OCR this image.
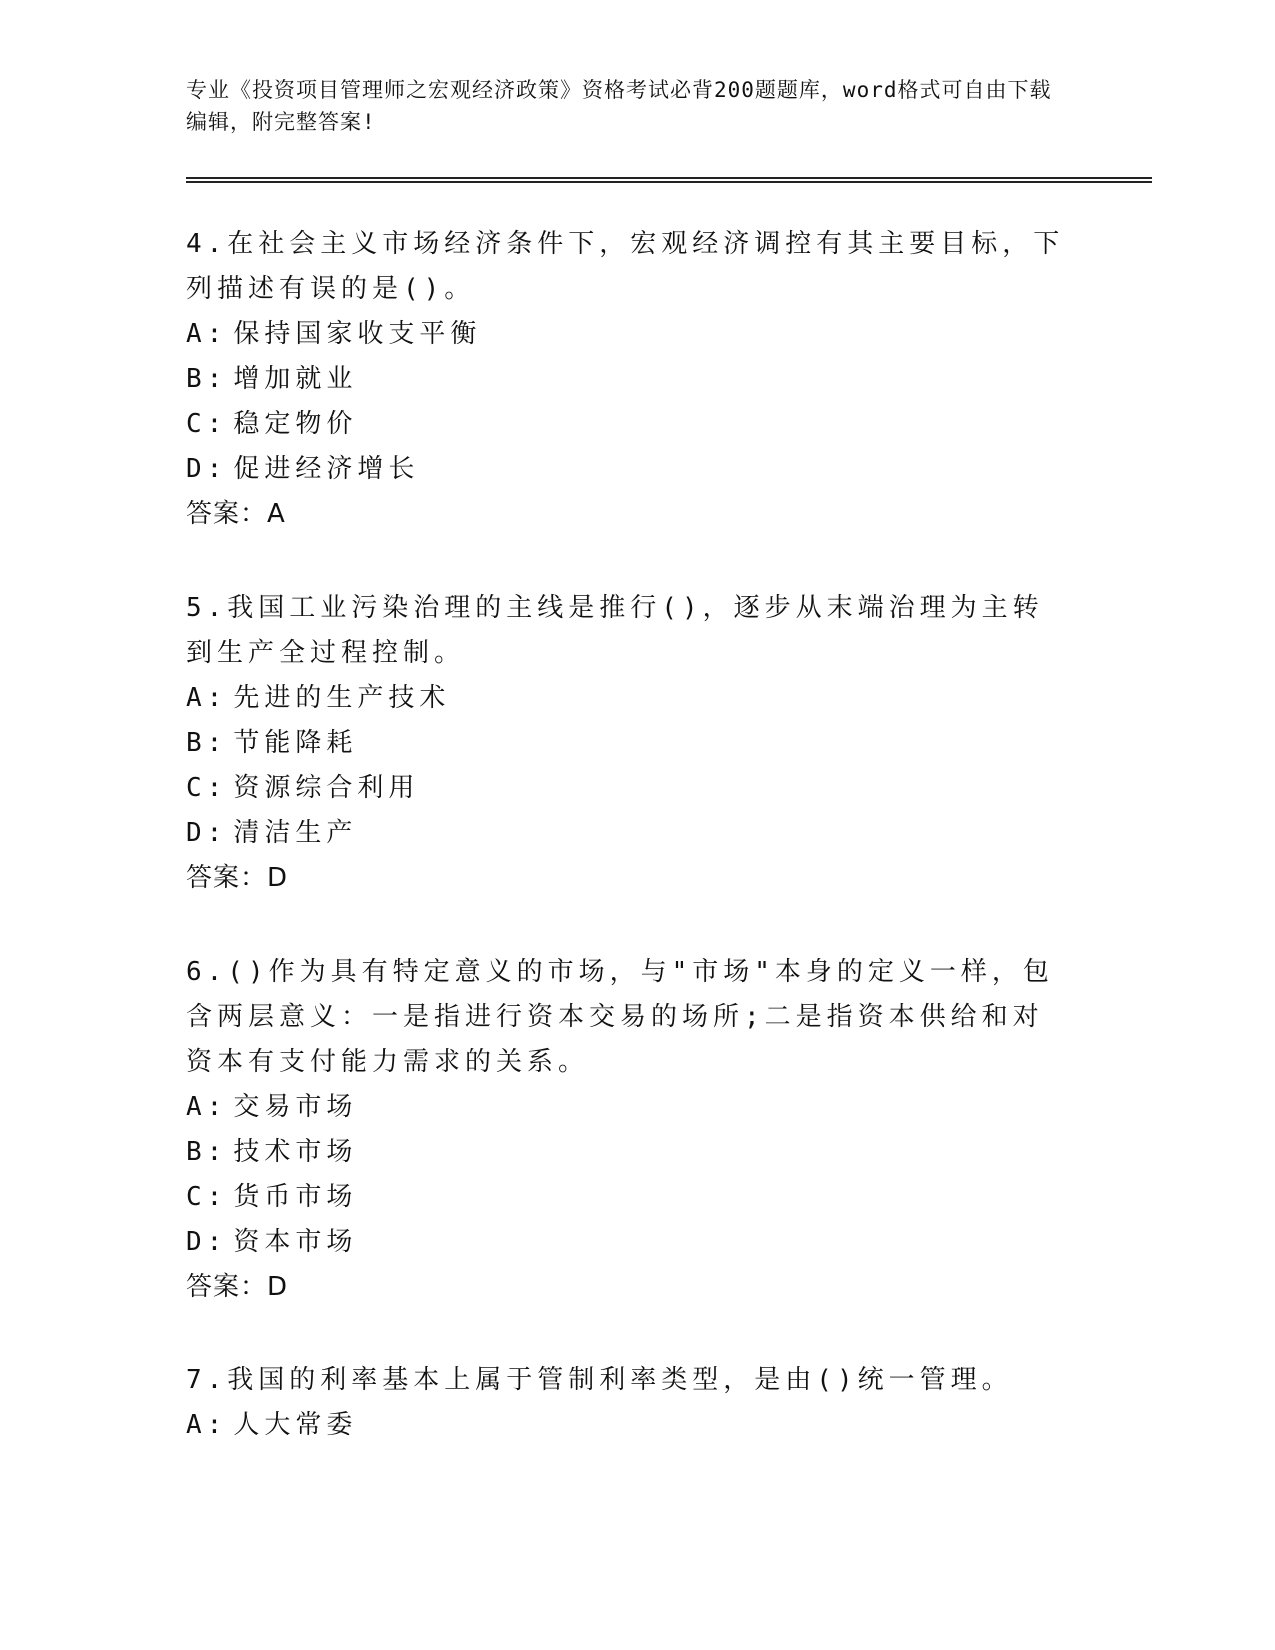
专业《投资项目管理师之宏观经济政策》资格考试必背200题题库，word格式可自由下载编辑，附完整答案!

4.在社会主义市场经济条件下，宏观经济调控有其主要目标，下列描述有误的是()。

A: 保持国家收支平衡

B: 增加就业

C: 稳定物价

D: 促进经济增长

答案：A

5.我国工业污染治理的主线是推行()，逐步从末端治理为主转到生产全过程控制。

A: 先进的生产技术

B: 节能降耗

C: 资源综合利用

D: 清洁生产

答案：D

6.()作为具有特定意义的市场，与"市场"本身的定义一样，包含两层意义：一是指进行资本交易的场所;二是指资本供给和对资本有支付能力需求的关系。

A: 交易市场

B: 技术市场

C: 货币市场

D: 资本市场

答案：D

7.我国的利率基本上属于管制利率类型，是由()统一管理。

A: 人大常委
